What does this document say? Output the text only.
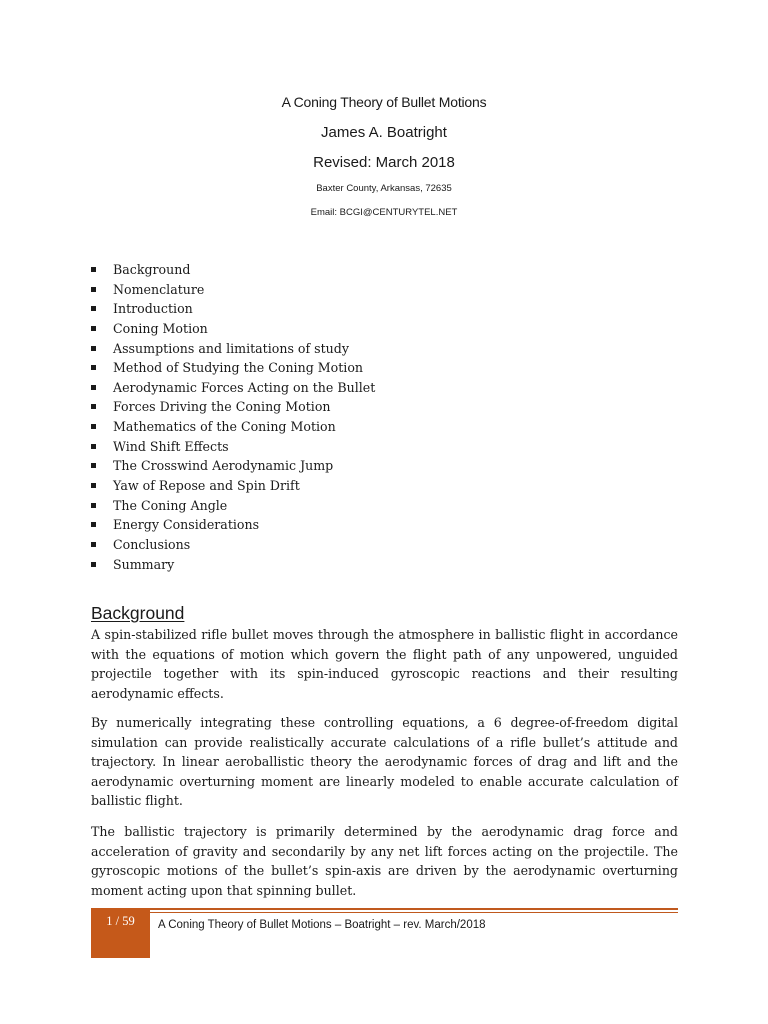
A Coning Theory of Bullet Motions
James A. Boatright
Revised: March 2018
Baxter County, Arkansas, 72635
Email: BCGI@CENTURYTEL.NET
Background
Nomenclature
Introduction
Coning Motion
Assumptions and limitations of study
Method of Studying the Coning Motion
Aerodynamic Forces Acting on the Bullet
Forces Driving the Coning Motion
Mathematics of the Coning Motion
Wind Shift Effects
The Crosswind Aerodynamic Jump
Yaw of Repose and Spin Drift
The Coning Angle
Energy Considerations
Conclusions
Summary
Background

A spin-stabilized rifle bullet moves through the atmosphere in ballistic flight in accordance with the equations of motion which govern the flight path of any unpowered, unguided projectile together with its spin-induced gyroscopic reactions and their resulting aerodynamic effects.

By numerically integrating these controlling equations, a 6 degree-of-freedom digital simulation can provide realistically accurate calculations of a rifle bullet’s attitude and trajectory. In linear aeroballistic theory the aerodynamic forces of drag and lift and the aerodynamic overturning moment are linearly modeled to enable accurate calculation of ballistic flight.

The ballistic trajectory is primarily determined by the aerodynamic drag force and acceleration of gravity and secondarily by any net lift forces acting on the projectile. The gyroscopic motions of the bullet’s spin-axis are driven by the aerodynamic overturning moment acting upon that spinning bullet.

1 / 59	A Coning Theory of Bullet Motions – Boatright – rev. March/2018
